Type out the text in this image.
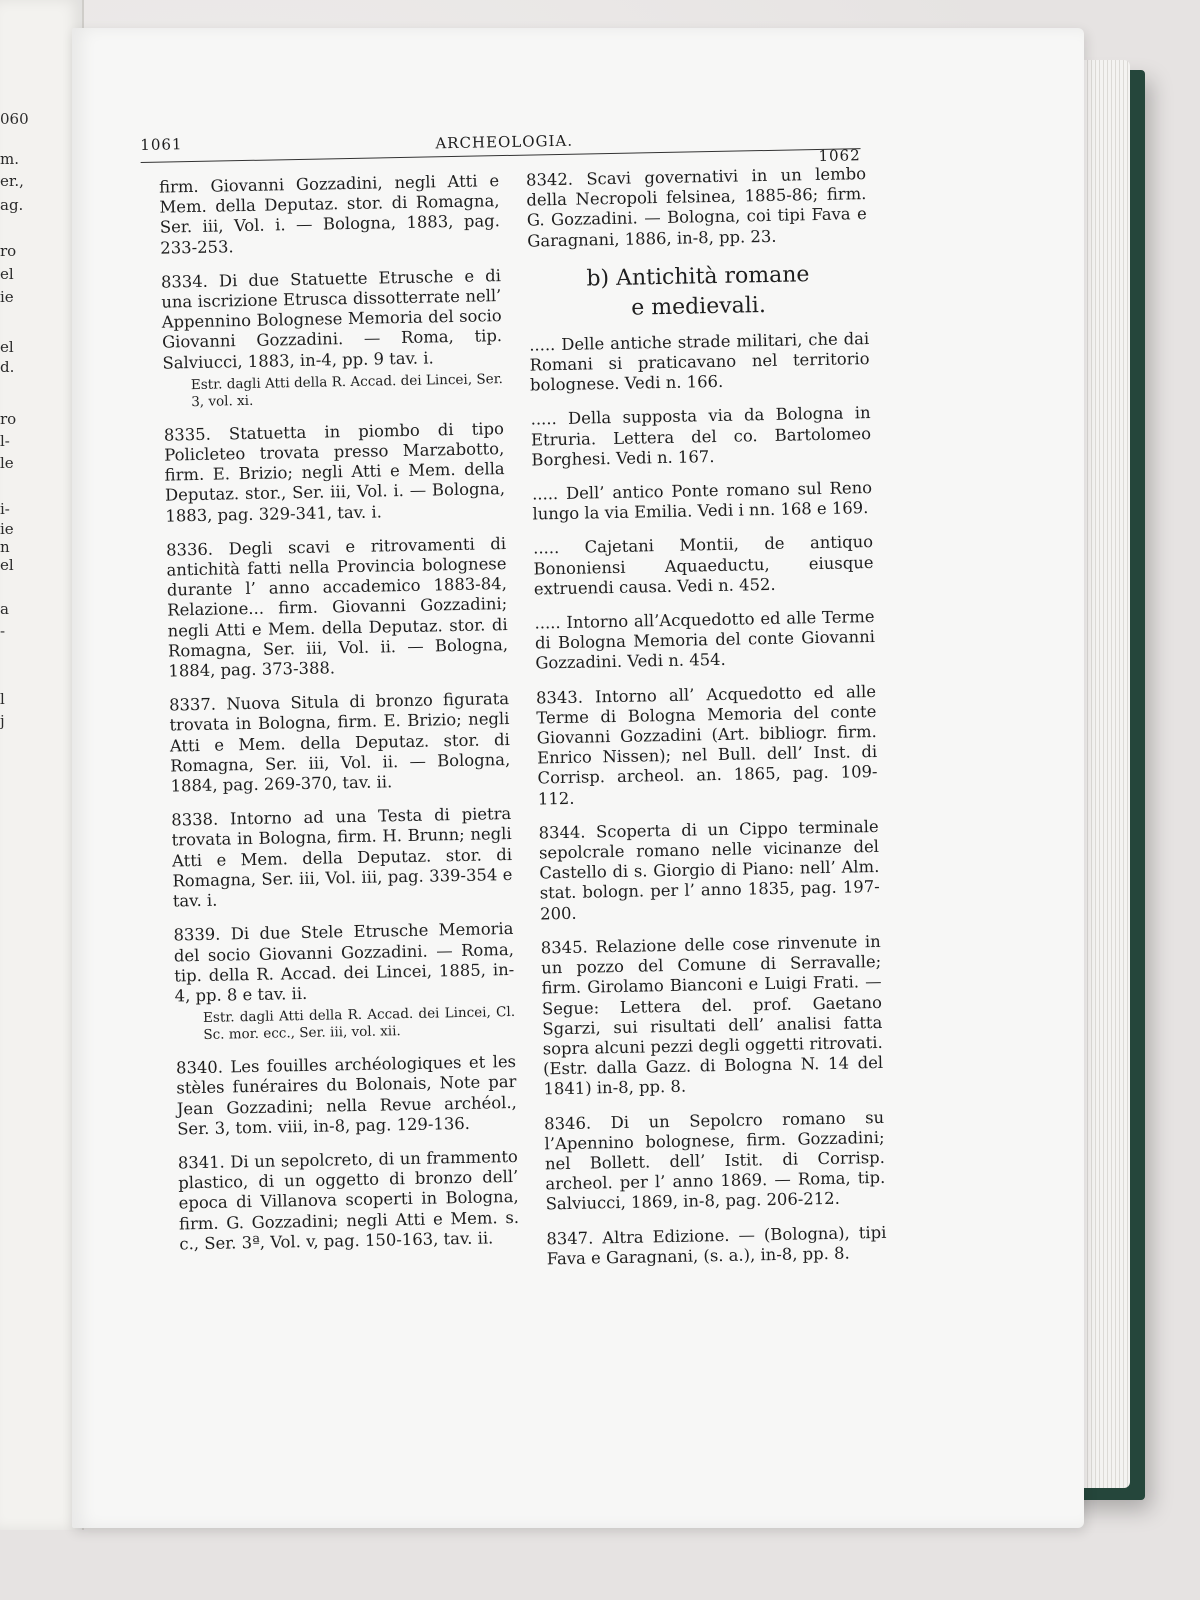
060
m.
er.,
ag.
ro
el
ie
el
d.
ro
l-
le
i-
ie
n
el
a
-
l
j
1061	ARCHEOLOGIA.
1062
firm. Giovanni Gozzadini, negli Atti e Mem. della Deputaz. stor. di Romagna, Ser. iii, Vol. i. — Bologna, 1883, pag. 233-253.
8334. Di due Statuette Etrusche e di una iscrizione Etrusca dissotterrate nell’ Appennino Bolognese Memoria del socio Giovanni Gozzadini. — Roma, tip. Salviucci, 1883, in-4, pp. 9 tav. i.
Estr. dagli Atti della R. Accad. dei Lincei, Ser. 3, vol. xi.
8335. Statuetta in piombo di tipo Policleteo trovata presso Marzabotto, firm. E. Brizio; negli Atti e Mem. della Deputaz. stor., Ser. iii, Vol. i. — Bologna, 1883, pag. 329-341, tav. i.
8336. Degli scavi e ritrovamenti di antichità fatti nella Provincia bolognese durante l’ anno accademico 1883-84, Relazione... firm. Giovanni Gozzadini; negli Atti e Mem. della Deputaz. stor. di Romagna, Ser. iii, Vol. ii. — Bologna, 1884, pag. 373-388.
8337. Nuova Situla di bronzo figurata trovata in Bologna, firm. E. Brizio; negli Atti e Mem. della Deputaz. stor. di Romagna, Ser. iii, Vol. ii. — Bologna, 1884, pag. 269-370, tav. ii.
8338. Intorno ad una Testa di pietra trovata in Bologna, firm. H. Brunn; negli Atti e Mem. della Deputaz. stor. di Romagna, Ser. iii, Vol. iii, pag. 339-354 e tav. i.
8339. Di due Stele Etrusche Memoria del socio Giovanni Gozzadini. — Roma, tip. della R. Accad. dei Lincei, 1885, in-4, pp. 8 e tav. ii.
Estr. dagli Atti della R. Accad. dei Lincei, Cl. Sc. mor. ecc., Ser. iii, vol. xii.
8340. Les fouilles archéologiques et les stèles funéraires du Bolonais, Note par Jean Gozzadini; nella Revue archéol., Ser. 3, tom. viii, in-8, pag. 129-136.
8341. Di un sepolcreto, di un frammento plastico, di un oggetto di bronzo dell’ epoca di Villanova scoperti in Bologna, firm. G. Gozzadini; negli Atti e Mem. s. c., Ser. 3ª, Vol. v, pag. 150-163, tav. ii.
8342. Scavi governativi in un lembo della Necropoli felsinea, 1885-86; firm. G. Gozzadini. — Bologna, coi tipi Fava e Garagnani, 1886, in-8, pp. 23.
b) Antichità romane
e medievali.
..... Delle antiche strade militari, che dai Romani si praticavano nel territorio bolognese. Vedi n. 166.
..... Della supposta via da Bologna in Etruria. Lettera del co. Bartolomeo Borghesi. Vedi n. 167.
..... Dell’ antico Ponte romano sul Reno lungo la via Emilia. Vedi i nn. 168 e 169.
..... Cajetani Montii, de antiquo Bononiensi Aquaeductu, eiusque extruendi causa. Vedi n. 452.
..... Intorno all’Acquedotto ed alle Terme di Bologna Memoria del conte Giovanni Gozzadini. Vedi n. 454.
8343. Intorno all’ Acquedotto ed alle Terme di Bologna Memoria del conte Giovanni Gozzadini (Art. bibliogr. firm. Enrico Nissen); nel Bull. dell’ Inst. di Corrisp. archeol. an. 1865, pag. 109-112.
8344. Scoperta di un Cippo terminale sepolcrale romano nelle vicinanze del Castello di s. Giorgio di Piano: nell’ Alm. stat. bologn. per l’ anno 1835, pag. 197-200.
8345. Relazione delle cose rinvenute in un pozzo del Comune di Serravalle; firm. Girolamo Bianconi e Luigi Frati. — Segue: Lettera del. prof. Gaetano Sgarzi, sui risultati dell’ analisi fatta sopra alcuni pezzi degli oggetti ritrovati. (Estr. dalla Gazz. di Bologna N. 14 del 1841) in-8, pp. 8.
8346. Di un Sepolcro romano su l’Apennino bolognese, firm. Gozzadini; nel Bollett. dell’ Istit. di Corrisp. archeol. per l’ anno 1869. — Roma, tip. Salviucci, 1869, in-8, pag. 206-212.
8347. Altra Edizione. — (Bologna), tipi Fava e Garagnani, (s. a.), in-8, pp. 8.
